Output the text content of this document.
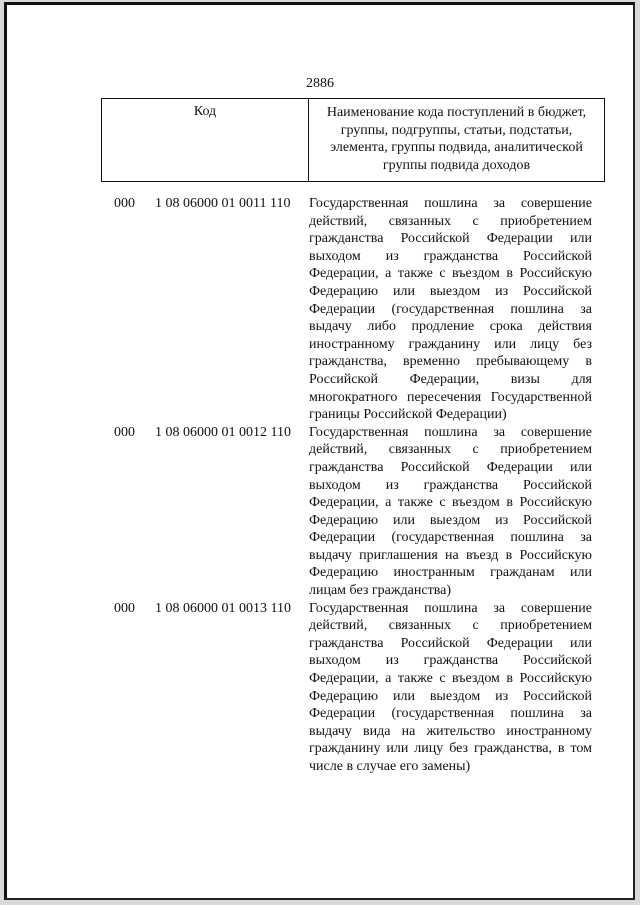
2886
Код	Наименование кода поступлений в бюджет,
группы, подгруппы, статьи, подстатьи,
элемента, группы подвида, аналитической
группы подвида доходов
000 1 08 06000 01 0011 110 Государственная пошлина за совершение
действий, связанных с приобретением
гражданства Российской Федерации или
выходом из гражданства Российской
Федерации, а также с въездом в Российскую
Федерацию или выездом из Российской
Федерации (государственная пошлина за
выдачу либо продление срока действия
иностранному гражданину или лицу без
гражданства, временно пребывающему в
Российской Федерации, визы для
многократного пересечения Государственной
границы Российской Федерации)
000 1 08 06000 01 0012 110 Государственная пошлина за совершение
действий, связанных с приобретением
гражданства Российской Федерации или
выходом из гражданства Российской
Федерации, а также с въездом в Российскую
Федерацию или выездом из Российской
Федерации (государственная пошлина за
выдачу приглашения на въезд в Российскую
Федерацию иностранным гражданам или
лицам без гражданства)
000 1 08 06000 01 0013 110 Государственная пошлина за совершение
действий, связанных с приобретением
гражданства Российской Федерации или
выходом из гражданства Российской
Федерации, а также с въездом в Российскую
Федерацию или выездом из Российской
Федерации (государственная пошлина за
выдачу вида на жительство иностранному
гражданину или лицу без гражданства, в том
числе в случае его замены)
